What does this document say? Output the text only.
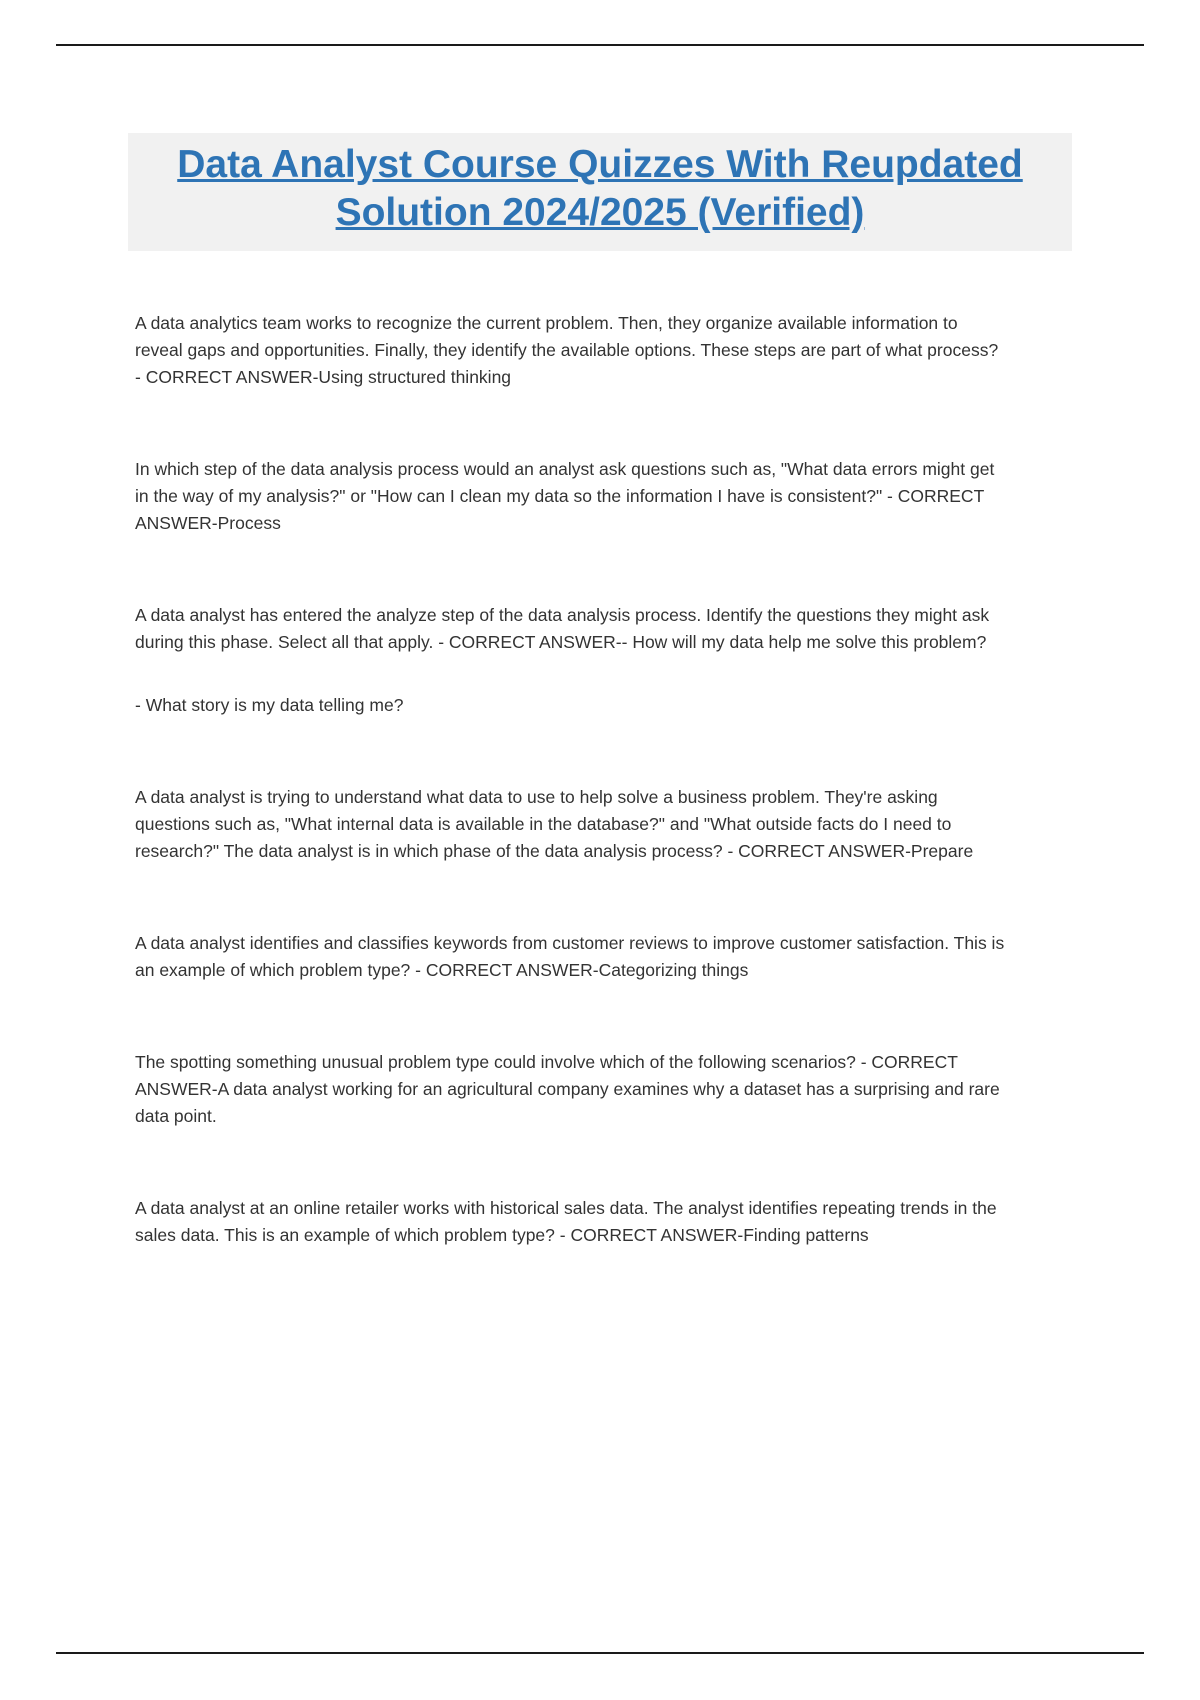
Data Analyst Course Quizzes With Reupdated Solution 2024/2025 (Verified)

A data analytics team works to recognize the current problem. Then, they organize available information to reveal gaps and opportunities. Finally, they identify the available options. These steps are part of what process? - CORRECT ANSWER-Using structured thinking

In which step of the data analysis process would an analyst ask questions such as, "What data errors might get in the way of my analysis?" or "How can I clean my data so the information I have is consistent?" - CORRECT ANSWER-Process

A data analyst has entered the analyze step of the data analysis process. Identify the questions they might ask during this phase. Select all that apply. - CORRECT ANSWER-- How will my data help me solve this problem?

- What story is my data telling me?

A data analyst is trying to understand what data to use to help solve a business problem. They're asking questions such as, "What internal data is available in the database?" and "What outside facts do I need to research?" The data analyst is in which phase of the data analysis process? - CORRECT ANSWER-Prepare

A data analyst identifies and classifies keywords from customer reviews to improve customer satisfaction. This is an example of which problem type? - CORRECT ANSWER-Categorizing things

The spotting something unusual problem type could involve which of the following scenarios? - CORRECT ANSWER-A data analyst working for an agricultural company examines why a dataset has a surprising and rare data point.

A data analyst at an online retailer works with historical sales data. The analyst identifies repeating trends in the sales data. This is an example of which problem type? - CORRECT ANSWER-Finding patterns
